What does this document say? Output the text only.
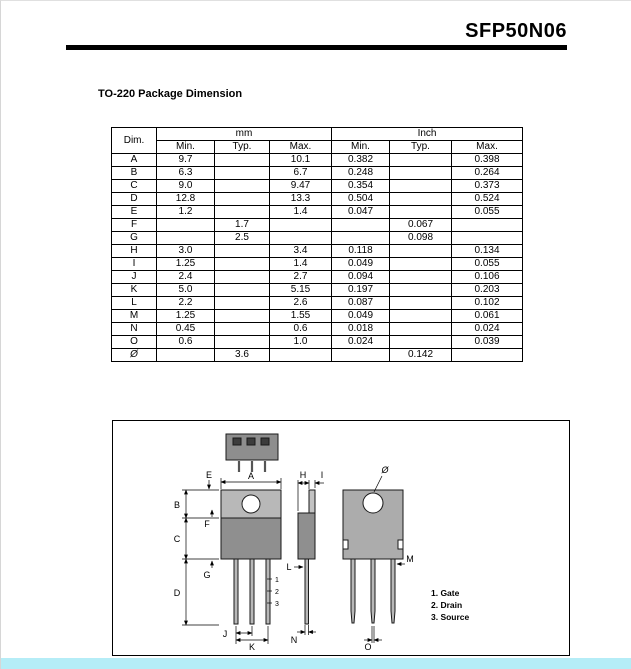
SFP50N06
TO-220 Package Dimension
Dim.	mm			Inch		
	Min.	Typ.	Max.	Min.	Typ.	Max.
A	9.7		10.1	0.382		0.398
B	6.3		6.7	0.248		0.264
C	9.0		9.47	0.354		0.373
D	12.8		13.3	0.504		0.524
E	1.2		1.4	0.047		0.055
F		1.7			0.067	
G		2.5			0.098	
H	3.0		3.4	0.118		0.134
I	1.25		1.4	0.049		0.055
J	2.4		2.7	0.094		0.106
K	5.0		5.15	0.197		0.203
L	2.2		2.6	0.087		0.102
M	1.25		1.55	0.049		0.061
N	0.45		0.6	0.018		0.024
O	0.6		1.0	0.024		0.039
Ø		3.6			0.142	
A
E
B
F
C
G
D
J
K
H I
L
N
M
O
Ø
1
2
3
1. Gate
2. Drain
3. Source
